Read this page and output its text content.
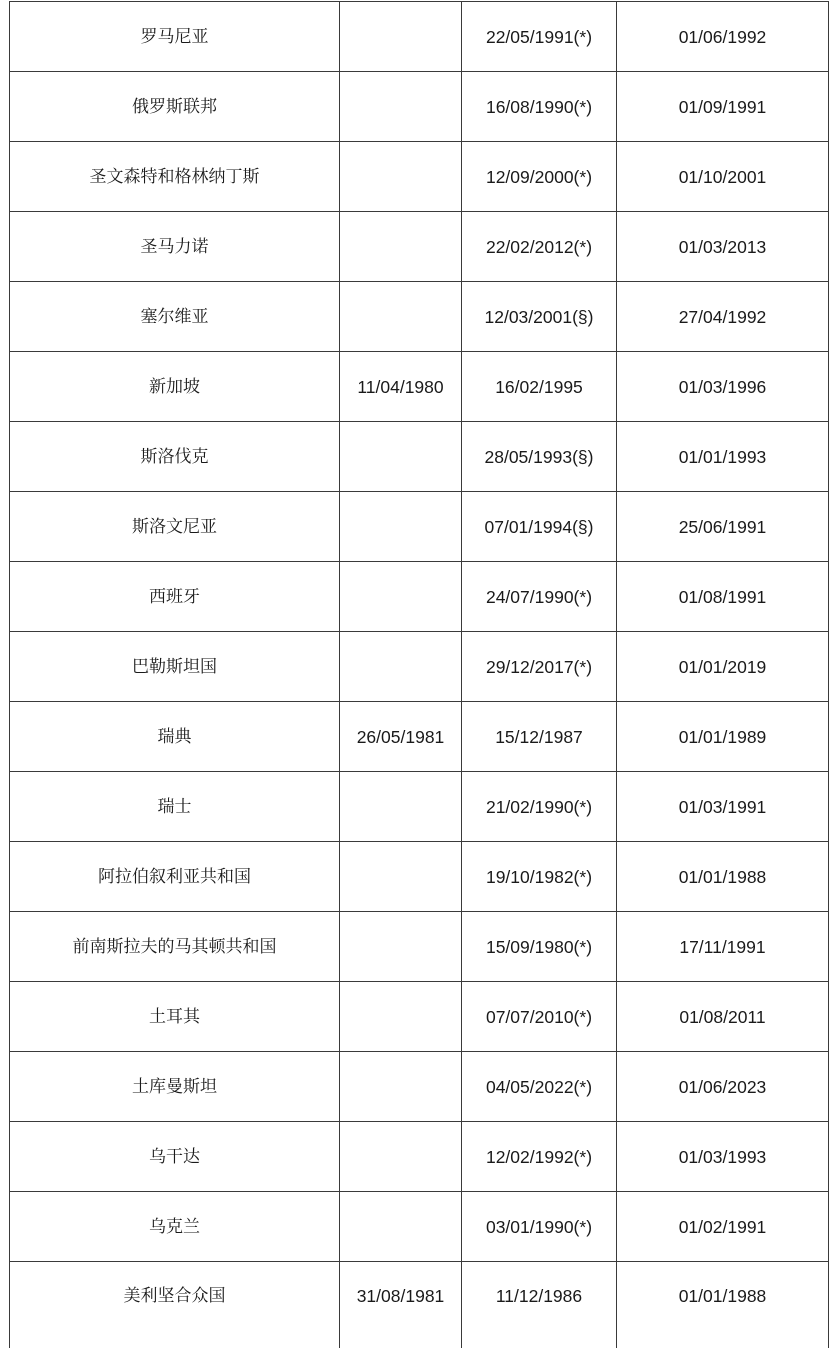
罗马尼亚		22/05/1991(*)	01/06/1992
俄罗斯联邦		16/08/1990(*)	01/09/1991
圣文森特和格林纳丁斯		12/09/2000(*)	01/10/2001
圣马力诺		22/02/2012(*)	01/03/2013
塞尔维亚		12/03/2001(§)	27/04/1992
新加坡	11/04/1980	16/02/1995	01/03/1996
斯洛伐克		28/05/1993(§)	01/01/1993
斯洛文尼亚		07/01/1994(§)	25/06/1991
西班牙		24/07/1990(*)	01/08/1991
巴勒斯坦国		29/12/2017(*)	01/01/2019
瑞典	26/05/1981	15/12/1987	01/01/1989
瑞士		21/02/1990(*)	01/03/1991
阿拉伯叙利亚共和国		19/10/1982(*)	01/01/1988
前南斯拉夫的马其顿共和国		15/09/1980(*)	17/11/1991
土耳其		07/07/2010(*)	01/08/2011
土库曼斯坦		04/05/2022(*)	01/06/2023
乌干达		12/02/1992(*)	01/03/1993
乌克兰		03/01/1990(*)	01/02/1991
美利坚合众国	31/08/1981	11/12/1986	01/01/1988
